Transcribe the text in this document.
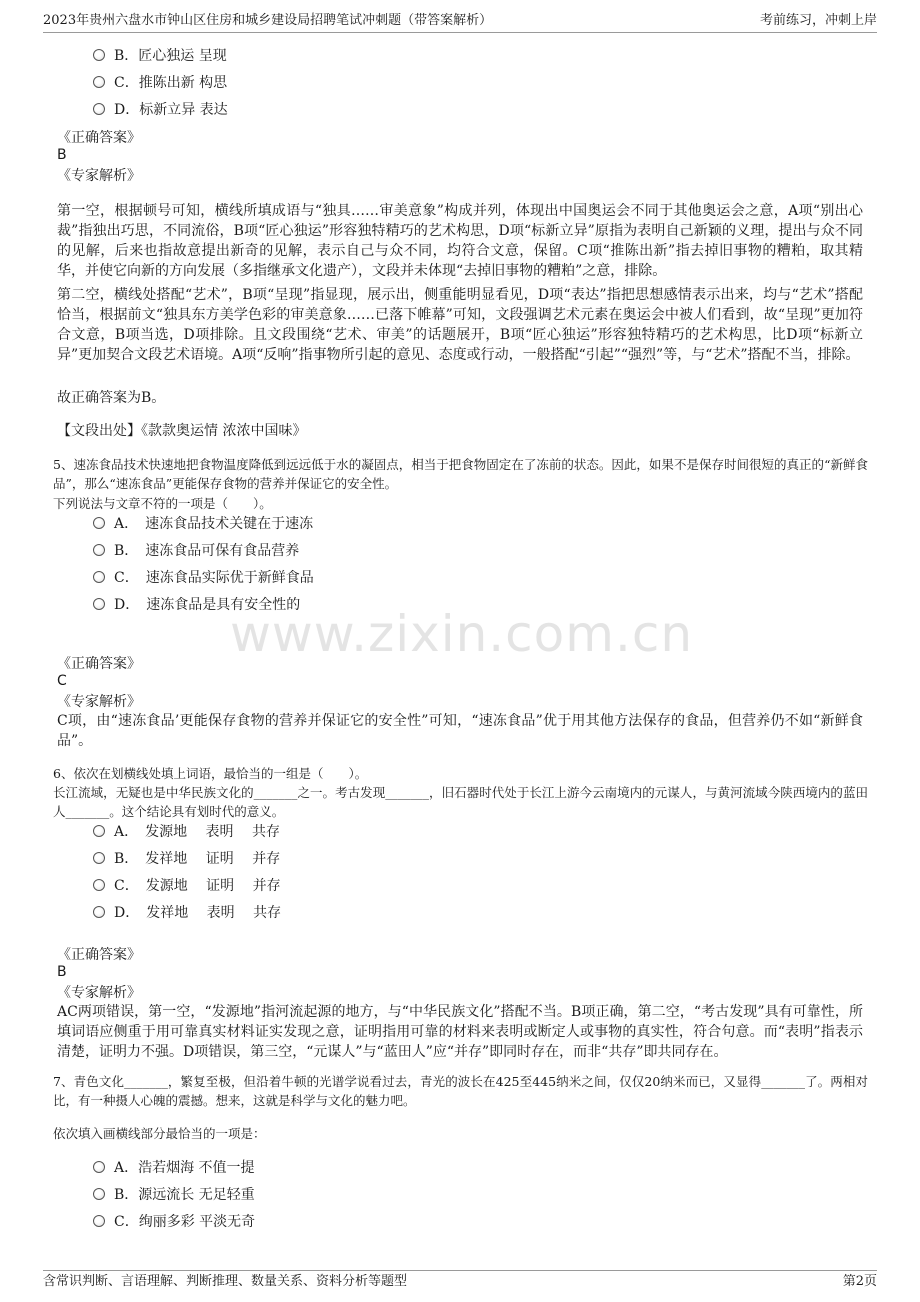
2023年贵州六盘水市钟山区住房和城乡建设局招聘笔试冲刺题（带答案解析）	考前练习，冲刺上岸
B．匠心独运 呈现
C．推陈出新 构思
D．标新立异 表达
《正确答案》
B
《专家解析》
第一空，根据顿号可知，横线所填成语与“独具……审美意象”构成并列，体现出中国奥运会不同于其他奥运会之意，A项“别出心裁”指独出巧思，不同流俗，B项“匠心独运”形容独特精巧的艺术构思，D项“标新立异”原指为表明自己新颖的义理，提出与众不同的见解，后来也指故意提出新奇的见解，表示自己与众不同，均符合文意，保留。C项“推陈出新”指去掉旧事物的糟粕，取其精华，并使它向新的方向发展（多指继承文化遗产），文段并未体现“去掉旧事物的糟粕”之意，排除。
第二空，横线处搭配“艺术”，B项“呈现”指显现，展示出，侧重能明显看见，D项“表达”指把思想感情表示出来，均与“艺术”搭配恰当，根据前文“独具东方美学色彩的审美意象……已落下帷幕”可知，文段强调艺术元素在奥运会中被人们看到，故“呈现”更加符合文意，B项当选，D项排除。且文段围绕“艺术、审美”的话题展开，B项“匠心独运”形容独特精巧的艺术构思，比D项“标新立异”更加契合文段艺术语境。A项“反响”指事物所引起的意见、态度或行动，一般搭配“引起”“强烈”等，与“艺术”搭配不当，排除。
故正确答案为B。
【文段出处】《款款奥运情 浓浓中国味》
5、速冻食品技术快速地把食物温度降低到远远低于水的凝固点，相当于把食物固定在了冻前的状态。因此，如果不是保存时间很短的真正的“新鲜食品”，那么“速冻食品”更能保存食物的营养并保证它的安全性。
下列说法与文章不符的一项是（　　）。
A．　速冻食品技术关键在于速冻
B．　速冻食品可保有食品营养
C．　速冻食品实际优于新鲜食品
D．　速冻食品是具有安全性的
www.zixin.com.cn
《正确答案》
C
《专家解析》
C项，由“速冻食品’更能保存食物的营养并保证它的安全性”可知，“速冻食品”优于用其他方法保存的食品，但营养仍不如“新鲜食品”。
6、依次在划横线处填上词语，最恰当的一组是（　　）。
长江流域，无疑也是中华民族文化的_______之一。考古发现_______，旧石器时代处于长江上游今云南境内的元谋人，与黄河流域今陕西境内的蓝田人_______。这个结论具有划时代的意义。
A．　发源地　 表明　 共存
B．　发祥地　 证明　 并存
C．　发源地　 证明　 并存
D．　发祥地　 表明　 共存
《正确答案》
B
《专家解析》
AC两项错误，第一空，“发源地”指河流起源的地方，与“中华民族文化”搭配不当。B项正确，第二空，“考古发现”具有可靠性，所填词语应侧重于用可靠真实材料证实发现之意，证明指用可靠的材料来表明或断定人或事物的真实性，符合句意。而“表明”指表示清楚，证明力不强。D项错误，第三空，“元谋人”与“蓝田人”应“并存”即同时存在，而非“共存”即共同存在。
7、青色文化_______，繁复至极，但沿着牛顿的光谱学说看过去，青光的波长在425至445纳米之间，仅仅20纳米而已，又显得_______了。两相对比，有一种摄人心魄的震撼。想来，这就是科学与文化的魅力吧。
依次填入画横线部分最恰当的一项是：
A．浩若烟海 不值一提
B．源远流长 无足轻重
C．绚丽多彩 平淡无奇
含常识判断、言语理解、判断推理、数量关系、资料分析等题型	第2页
